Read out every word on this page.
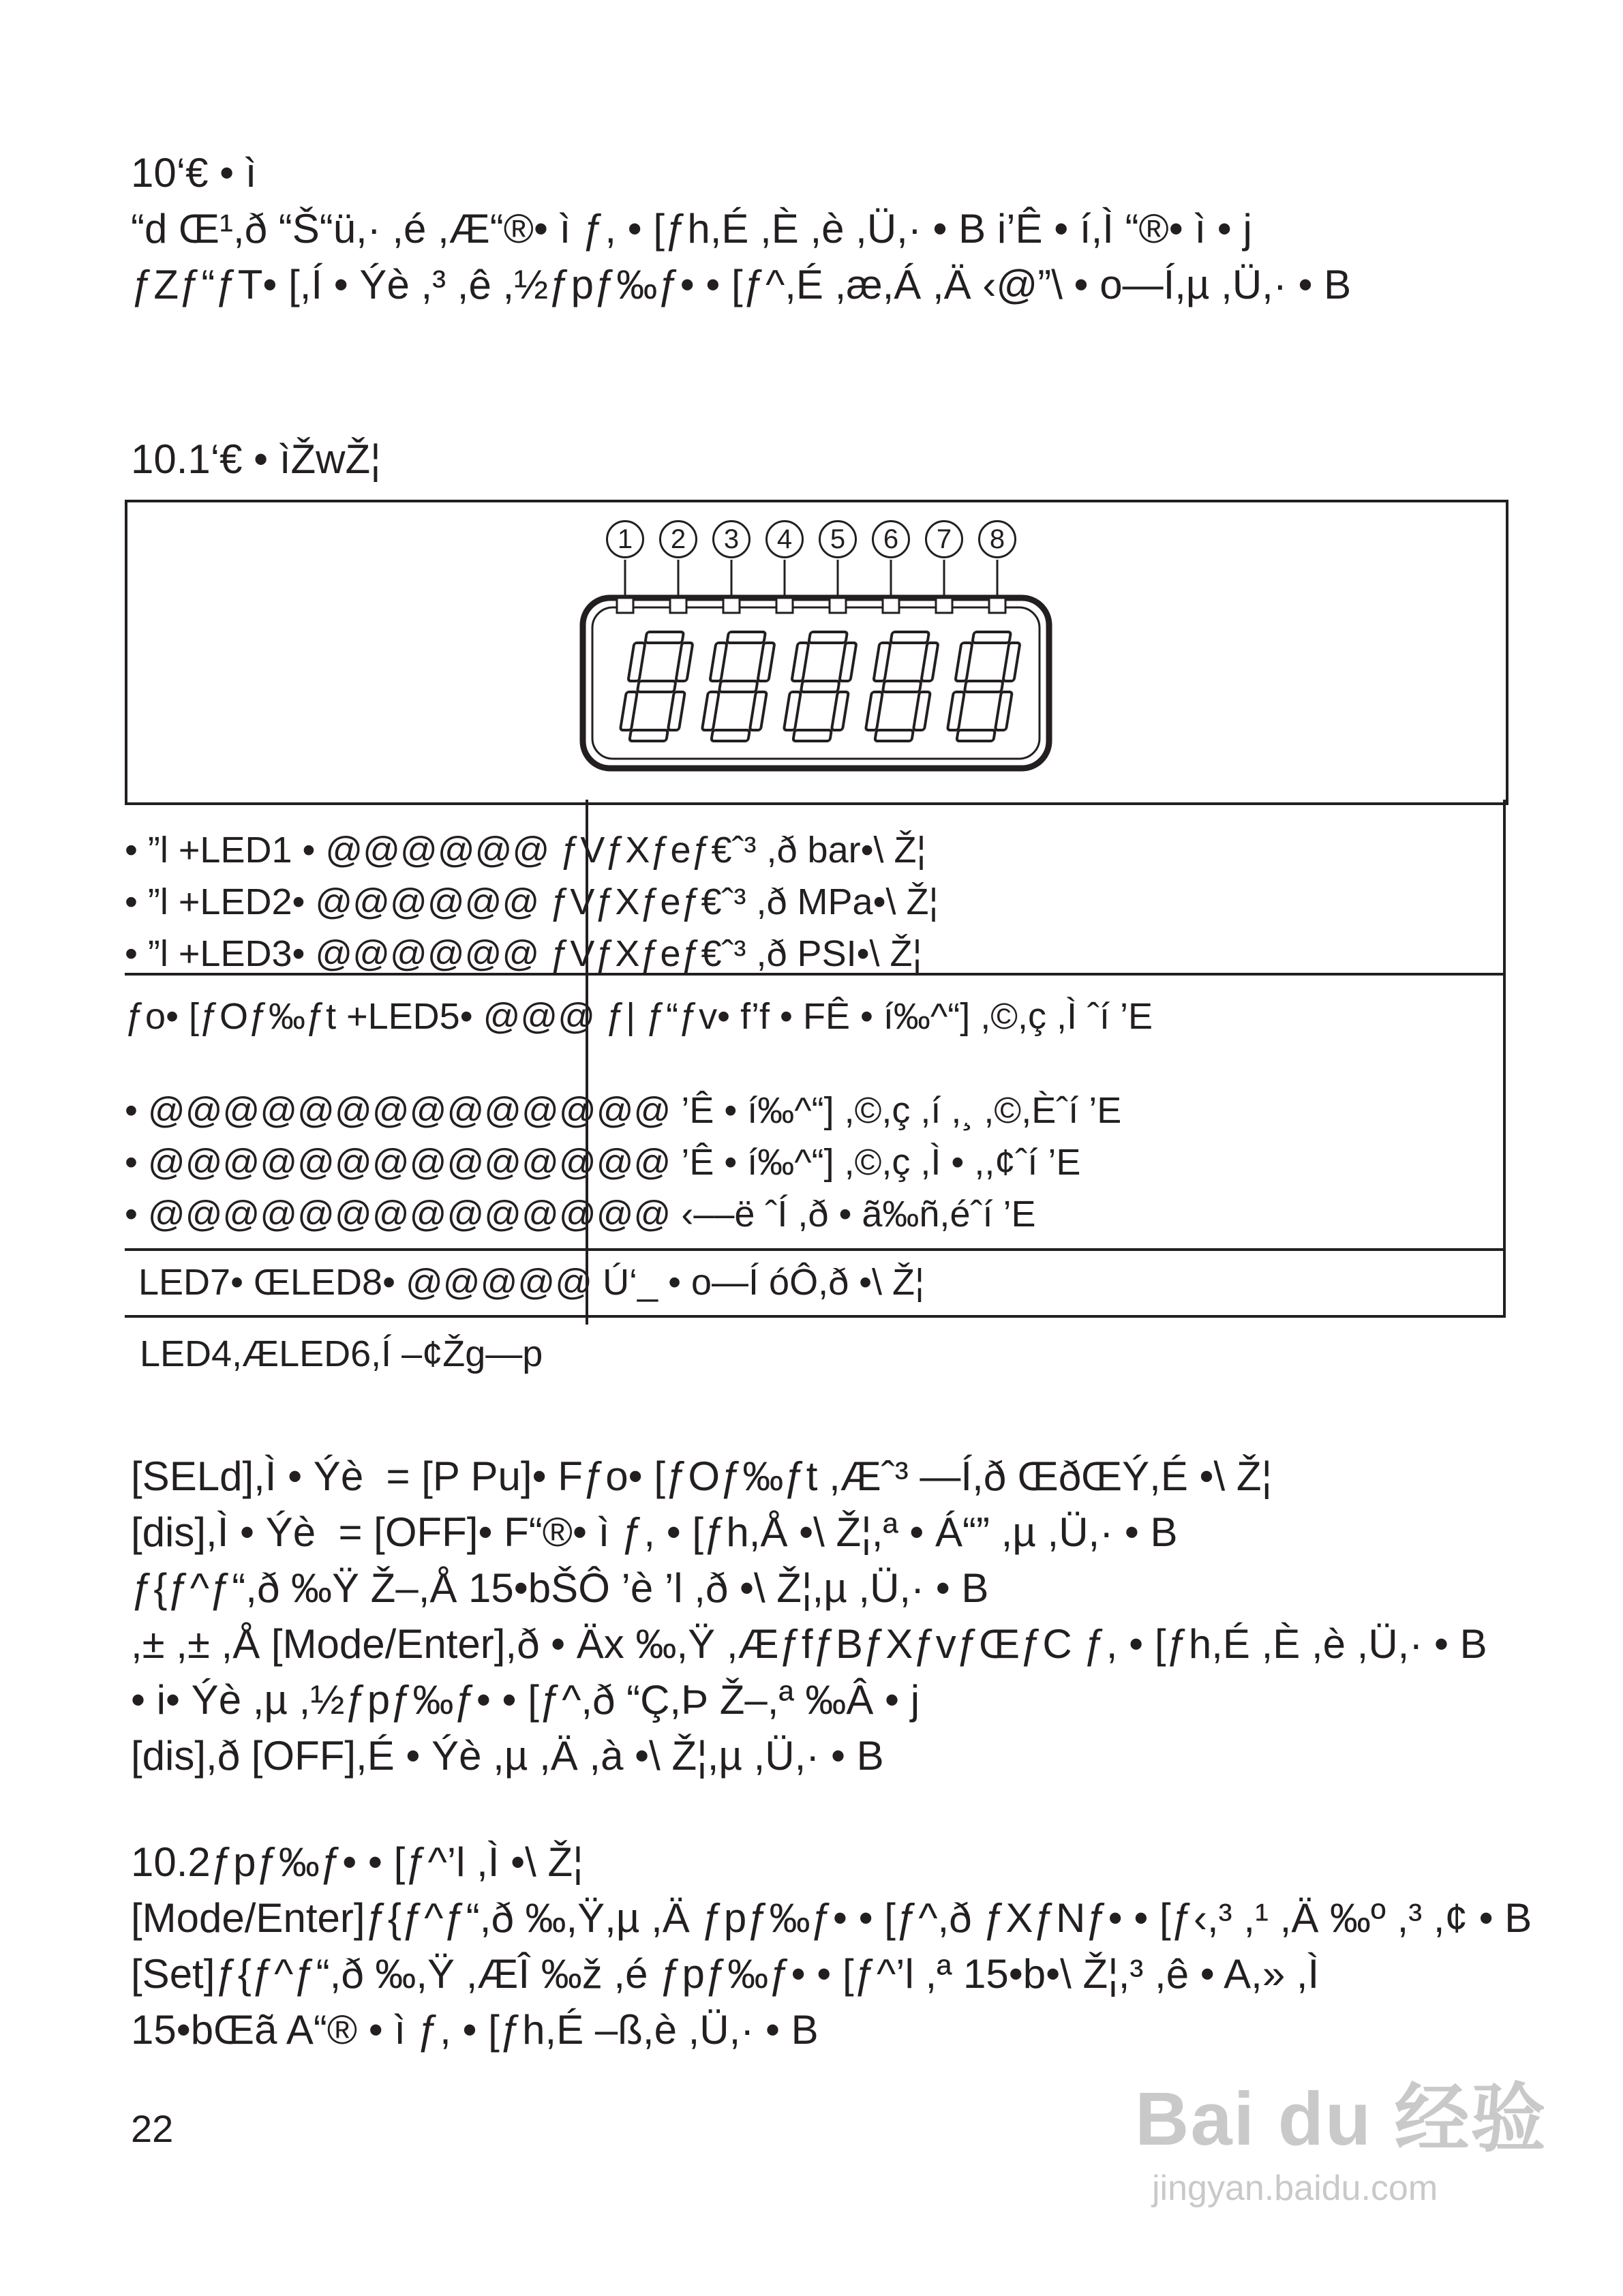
10‘€ • ì
“d Œ¹,ð “Š“ü,· ,é ,Æ“®• ì ƒ, • [ƒh,É ,È ,è ,Ü,· • B i’Ê • í,Ì “®• ì • j
ƒZƒ“ƒT• [,Í • Ýè ,³ ,ê ,½ƒpƒ‰ƒ• • [ƒ^,É ,æ,Á ,Ä ‹@”\ • o—Í,µ ,Ü,· • B
10.1‘€ • ìŽwŽ¦
1	2	3	4	5	6	7	8

• ”l +LED1 • @@@@@@ ƒVƒXƒeƒ€ˆ³ ,ð bar•\ Ž¦

• ”l +LED2• @@@@@@ ƒVƒXƒeƒ€ˆ³ ,ð MPa•\ Ž¦

• ”l +LED3• @@@@@@ ƒVƒXƒeƒ€ˆ³ ,ð PSI•\ Ž¦

ƒo• [ƒOƒ‰ƒt +LED5• @@@ ƒ| ƒ“ƒv• f’f • FÊ • í‰^“] ,©,ç ,Ì ˆí ’E

• @@@@@@@@@@@@@@ ’Ê • í‰^“] ,©,ç ,í ,¸ ,©,Èˆí ’E

• @@@@@@@@@@@@@@ ’Ê • í‰^“] ,©,ç ,Ì • ,,¢ˆí ’E

• @@@@@@@@@@@@@@ ‹––ë ˆÍ ,ð • ã‰ñ,éˆí ’E

LED7• ŒLED8• @@@@@ Ú‘_ • o—Í óÔ,ð •\ Ž¦

LED4,ÆLED6,Í –¢Žg—p
[SELd],Ì • Ýè  = [P Pu]• Fƒo• [ƒOƒ‰ƒt ,Æˆ³ —Í,ð ŒðŒÝ,É •\ Ž¦
[dis],Ì • Ýè  = [OFF]• F“®• ì ƒ, • [ƒh,Å •\ Ž¦,ª • Á“” ,µ ,Ü,· • B
ƒ{ƒ^ƒ“,ð ‰Ÿ Ž–,Å 15•bŠÔ ’è ’l ,ð •\ Ž¦,µ ,Ü,· • B
,± ,± ,Å [Mode/Enter],ð • Äx ‰,Ÿ ,ÆƒfƒBƒXƒvƒŒƒC ƒ, • [ƒh,É ,È ,è ,Ü,· • B
• i• Ýè ,µ ,½ƒpƒ‰ƒ• • [ƒ^,ð “Ç,Þ Ž–,ª ‰Â • j
[dis],ð [OFF],É • Ýè ,µ ,Ä ,à •\ Ž¦,µ ,Ü,· • B
10.2ƒpƒ‰ƒ• • [ƒ^’l ,Ì •\ Ž¦
[Mode/Enter]ƒ{ƒ^ƒ“,ð ‰,Ÿ,µ ,Ä ƒpƒ‰ƒ• • [ƒ^,ð ƒXƒNƒ• • [ƒ‹,³ ,¹ ,Ä ‰º ,³ ,¢ • B
[Set]ƒ{ƒ^ƒ“,ð ‰,Ÿ ,ÆÎ ‰ž ,é ƒpƒ‰ƒ• • [ƒ^’l ,ª 15•b•\ Ž¦,³ ,ê • A,» ,Ì
15•bŒã A“® • ì ƒ, • [ƒh,É –ß,è ,Ü,· • B
22	Bai du 经验
jingyan.baidu.com
